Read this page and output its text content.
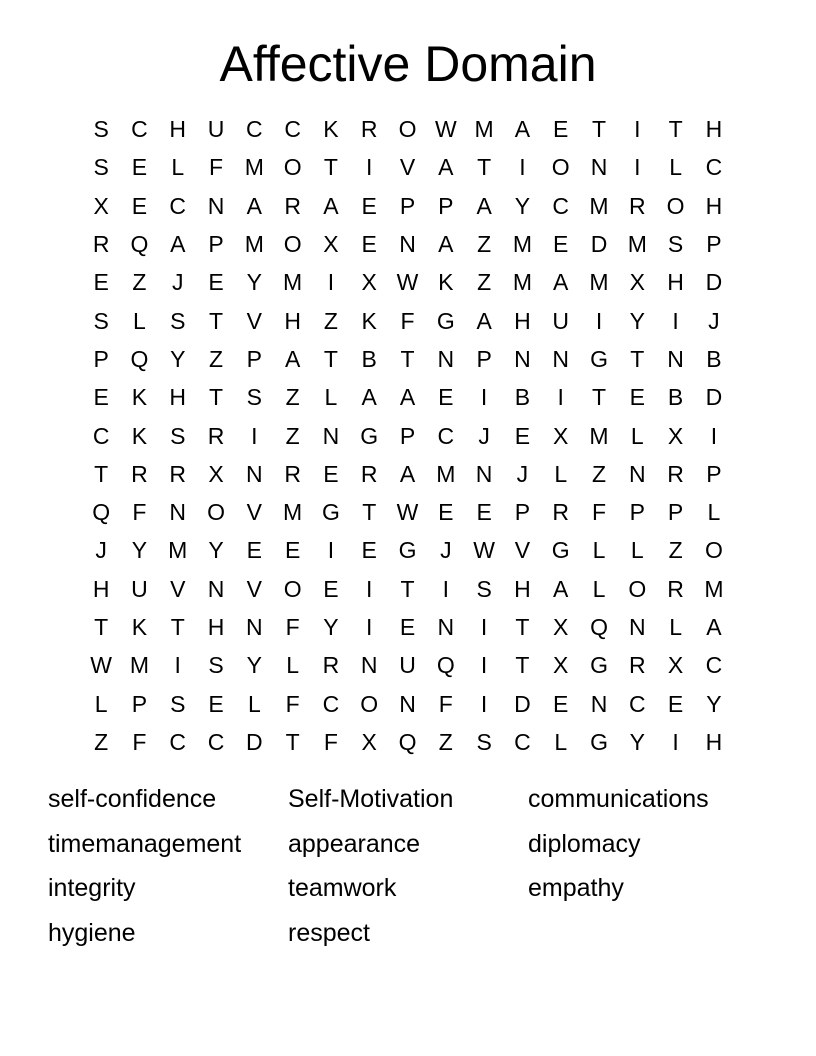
Affective Domain
S C H U C C K R O W M A E	T	I	T H
S E	L	F M O T	I	V A	T	I	O N	I	L	C
X E C N A R A E P P A Y C M R O H
R Q A P M O X E N A	Z M E D M S P
E	Z	J	E Y M	I	X W K	Z M A M X H D
S	L	S	T	V H Z	K	F G A H U	I	Y	I	J
P Q Y	Z	P A	T	B	T N P N N G T N B
E K H T	S	Z	L	A A E	I	B	I	T	E B D
C K S R	I	Z N G P C	J	E X M L	X	I
T R R X N R E R A M N	J	L	Z N R P
Q F N O V M G T W E E P R F	P P	L
J	Y M Y E E	I	E G	J W V G L	L	Z O
H U V N V O E	I	T	I	S H A	L O R M
T	K	T H N F	Y	I	E N	I	T	X Q N	L	A
W M	I	S Y	L	R N U Q	I	T	X G R X C
L	P S E	L	F C O N F	I	D E N C E Y
Z	F C C D T	F	X Q Z	S C	L G Y	I	H
self-confidence	Self-Motivation	communications
timemanagement	appearance	diplomacy
integrity	teamwork	empathy
hygiene	respect
